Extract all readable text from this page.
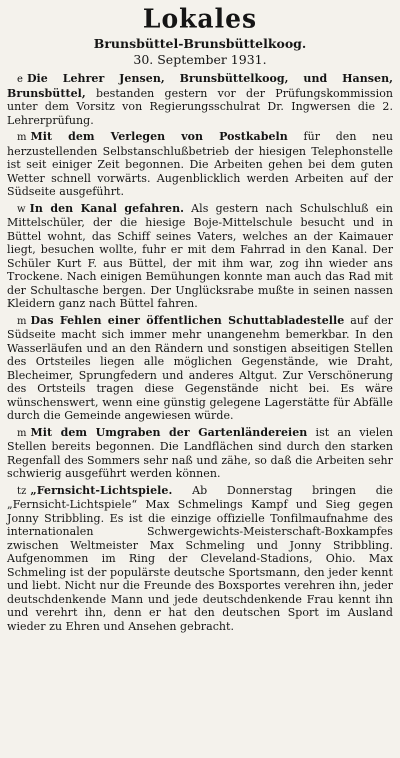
Lokales
Brunsbüttel-Brunsbüttelkoog.
30. September 1931.

e Die Lehrer Jensen, Brunsbüttelkoog, und Hansen, Brunsbüttel, bestanden gestern vor der Prüfungskommission unter dem Vorsitz von Regierungsschulrat Dr. Ingwersen die 2. Lehrerprüfung.

m Mit dem Verlegen von Postkabeln für den neu herzustellenden Selbstanschlußbetrieb der hiesigen Telephonstelle ist seit einiger Zeit begonnen. Die Arbeiten gehen bei dem guten Wetter schnell vorwärts. Augenblicklich werden Arbeiten auf der Südseite ausgeführt.

w In den Kanal gefahren. Als gestern nach Schulschluß ein Mittelschüler, der die hiesige Boje-Mittelschule besucht und in Büttel wohnt, das Schiff seines Vaters, welches an der Kaimauer liegt, besuchen wollte, fuhr er mit dem Fahrrad in den Kanal. Der Schüler Kurt F. aus Büttel, der mit ihm war, zog ihn wieder ans Trockene. Nach einigen Bemühungen konnte man auch das Rad mit der Schultasche bergen. Der Unglücksrabe mußte in seinen nassen Kleidern ganz nach Büttel fahren.

m Das Fehlen einer öffentlichen Schuttabladestelle auf der Südseite macht sich immer mehr unangenehm bemerkbar. In den Wasserläufen und an den Rändern und sonstigen abseitigen Stellen des Ortsteiles liegen alle möglichen Gegenstände, wie Draht, Blecheimer, Sprungfedern und anderes Altgut. Zur Verschönerung des Ortsteils tragen diese Gegenstände nicht bei. Es wäre wünschenswert, wenn eine günstig gelegene Lagerstätte für Abfälle durch die Gemeinde angewiesen würde.

m Mit dem Umgraben der Gartenländereien ist an vielen Stellen bereits begonnen. Die Landflächen sind durch den starken Regenfall des Sommers sehr naß und zähe, so daß die Arbeiten sehr schwierig ausgeführt werden können.

tz „Fernsicht-Lichtspiele. Ab Donnerstag bringen die „Fernsicht-Lichtspiele“ Max Schmelings Kampf und Sieg gegen Jonny Stribbling. Es ist die einzige offizielle Tonfilmaufnahme des internationalen Schwergewichts-Meisterschaft-Boxkampfes zwischen Weltmeister Max Schmeling und Jonny Stribbling. Aufgenommen im Ring der Cleveland-Stadions, Ohio. Max Schmeling ist der populärste deutsche Sportsmann, den jeder kennt und liebt. Nicht nur die Freunde des Boxsportes verehren ihn, jeder deutschdenkende Mann und jede deutschdenkende Frau kennt ihn und verehrt ihn, denn er hat den deutschen Sport im Ausland wieder zu Ehren und Ansehen gebracht.
